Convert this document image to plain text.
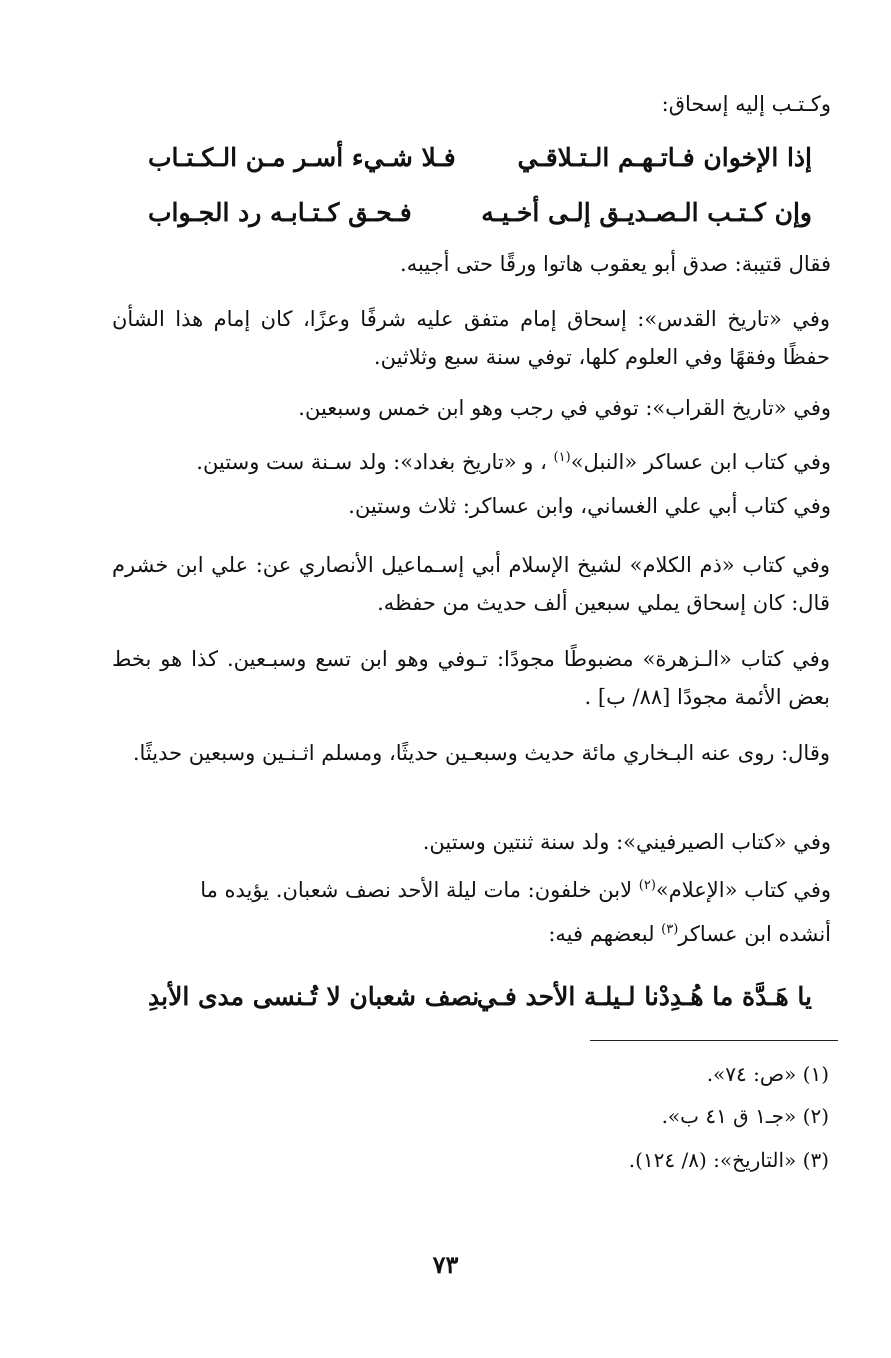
وكـتـب إليه إسحاق:
إذا الإخوان فـاتـهـم الـتـلاقـي
فـلا شـيء أسـر مـن الـكـتـاب
وإن كـتـب الـصـديـق إلـى أخـيـه
فـحـق كـتـابـه رد الجـواب
فقال قتيبة: صدق أبو يعقوب هاتوا ورقًا حتى أجيبه.
وفي «تاريخ القدس»: إسحاق إمام متفق عليه شرفًا وعزًا، كان إمام هذا الشأن حفظًا وفقهًا وفي العلوم كلها، توفي سنة سبع وثلاثين.
وفي «تاريخ القراب»: توفي في رجب وهو ابن خمس وسبعين.
وفي كتاب ابن عساكر «النبل»$^{(١)}$ ، و «تاريخ بغداد»: ولد سـنة ست وستين.
وفي كتاب أبي علي الغساني، وابن عساكر: ثلاث وستين.
وفي كتاب «ذم الكلام» لشيخ الإسلام أبي إسـماعيل الأنصاري عن: علي ابن خشرم قال: كان إسحاق يملي سبعين ألف حديث من حفظه.
وفي كتاب «الـزهرة» مضبوطًا مجودًا: تـوفي وهو ابن تسع وسبـعين. كذا هو بخط بعض الأئمة مجودًا [٨٨/ ب] .
وقال: روى عنه البـخاري مائة حديث وسبعـين حديثًا، ومسلم اثـنـين وسبعين حديثًا.
وفي «كتاب الصيرفيني»: ولد سنة ثنتين وستين.
وفي كتاب «الإعلام»$^{(٢)}$ لابن خلفون: مات ليلة الأحد نصف شعبان. يؤيده ما
أنشده ابن عساكر$^{(٣)}$ لبعضهم فيه:
يا هَـدَّة ما هُـدِدْنا لـيلـة الأحد فـي
نصف شعبان لا تُـنسى مدى الأبدِ
(١) «ص: ٧٤».
(٢) «جـ١ ق ٤١ ب».
(٣) «التاريخ»: (٨/ ١٢٤).
٧٣
